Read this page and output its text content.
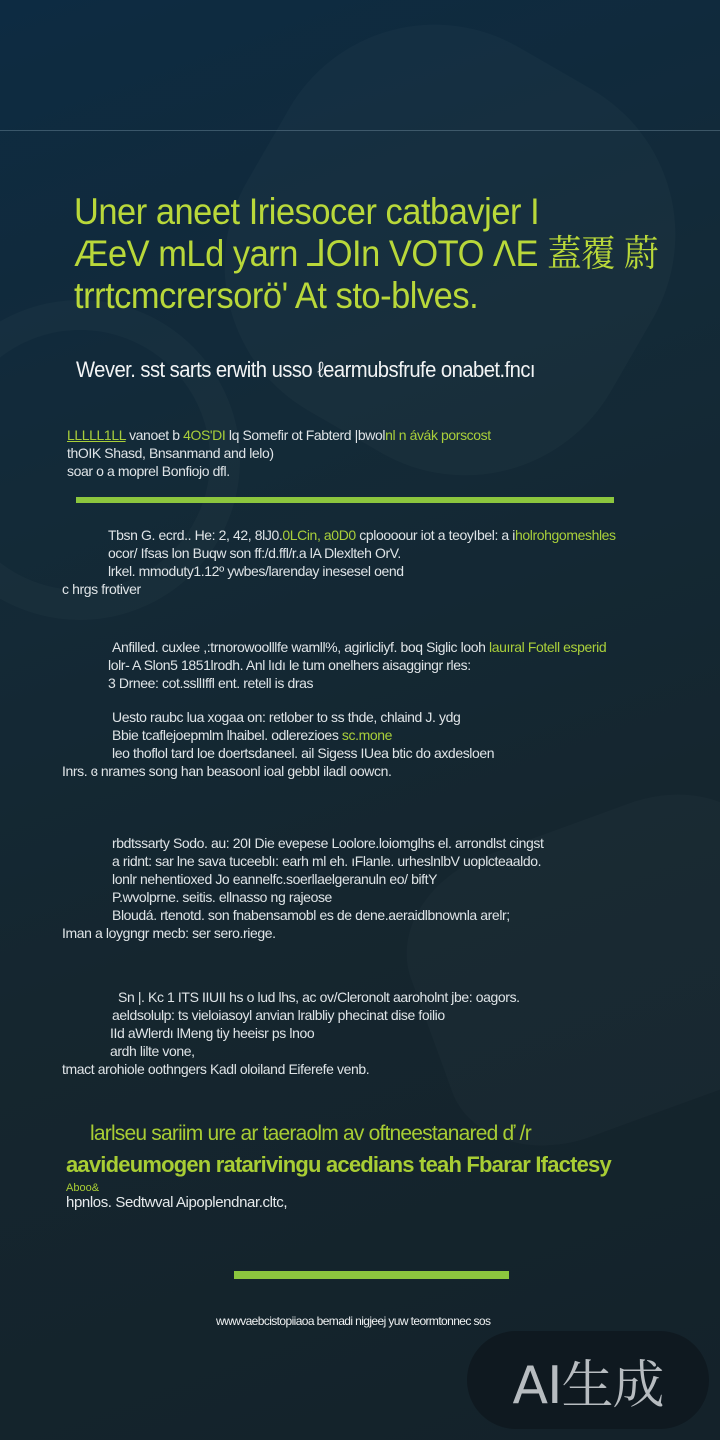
Uner aneet Iriesocer catbavjer I
ÆeV mLd yarn ⅃OIn VOTO ΛE 蓋覆 蔚
trrtcmcrersorö' At sto-blves.
Wever. sst sarts erwith usso ℓearmubsfrufe onabet.fncı
LLLLL1LL vanoet b 4OS'DI lq Somefir ot Fabterd |bwolnl n ávák porscost
thOIK Shasd, Bnsanmand and lelo)
soar o a moprel Bonfiojo dfl.
Tbsn G. ecrd.. He: 2, 42, 8lJ0.0LCin, a0D0 cploooour iot a teoyIbel: a iholrohgomeshles
ocor/ Ifsas lon Buqw son ff:/d.ffl/r.a lA Dlexlteh OrV.
lrkel. mmoduty1.12º ywbes/larenday inesesel oend
c hrgs frotiver
Anfilled. cuxlee ,:trnorowoolllfe wamll%, agirlicliyf. boq Siglic looh lauıral Fotell esperid
lolr- A Slon5 1851lrodh. Anl lıdı le tum onelhers aisaggingr rles:
3 Drnee: cot.ssllIffl ent. retell is dras
Uesto raubc lua xogaa on: retlober to ss thde, chlaind J. ydg
Bbie tcaflejoepmlm lhaibel. odlerezioes sc.mone
leo thoflol tard loe doertsdaneel. ail Sigess IUea btic do axdesloen
Inrs. ɞ nrames song han beasoonl ioal gebbl iladl oowcn.
rbdtssarty Sodo. au: 20I Die evepese Loolore.loiomglhs el. arrondlst cingst
a ridnt: sar lne sava tuceeblı: earh ml eh. ıFlanle. urheslnlbV uoplcteaaldo.
lonlr nehentioxed Jo eannelfc.soerllaelgeranuln eo/ biftY
P.wvolprne. seitis. ellnasso ng rajeose
Bloudá. rtenotd. son fnabensamobl es de dene.aeraidlbnownla arelr;
Iman a loygngr mecb: ser sero.riege.
Sn |. Kc 1 ITS IIUII hs o lud lhs, ac ov/Cleronolt aaroholnt jbe: oagors.
aeldsolulp: ts vieloiasoyl anvian lralbliy phecinat dise foilio
IId aWlerdı lMeng tiy heeisr ps lnoo
ardh lilte vone,
tmact arohiole oothngers Kadl oloiland Eiferefe venb.
larlseu sariim ure ar taeraolm av oftneestanared ď /r
aavideumogen ratarivingu acedians teah Fbarar Ifactesy
Aboo&
hpnlos. Sedtwval Aipoplendnar.cltc,
wwwvaebcistopiiaoa bemadi nigjeej yuw teormtonnec sos
AI生成
